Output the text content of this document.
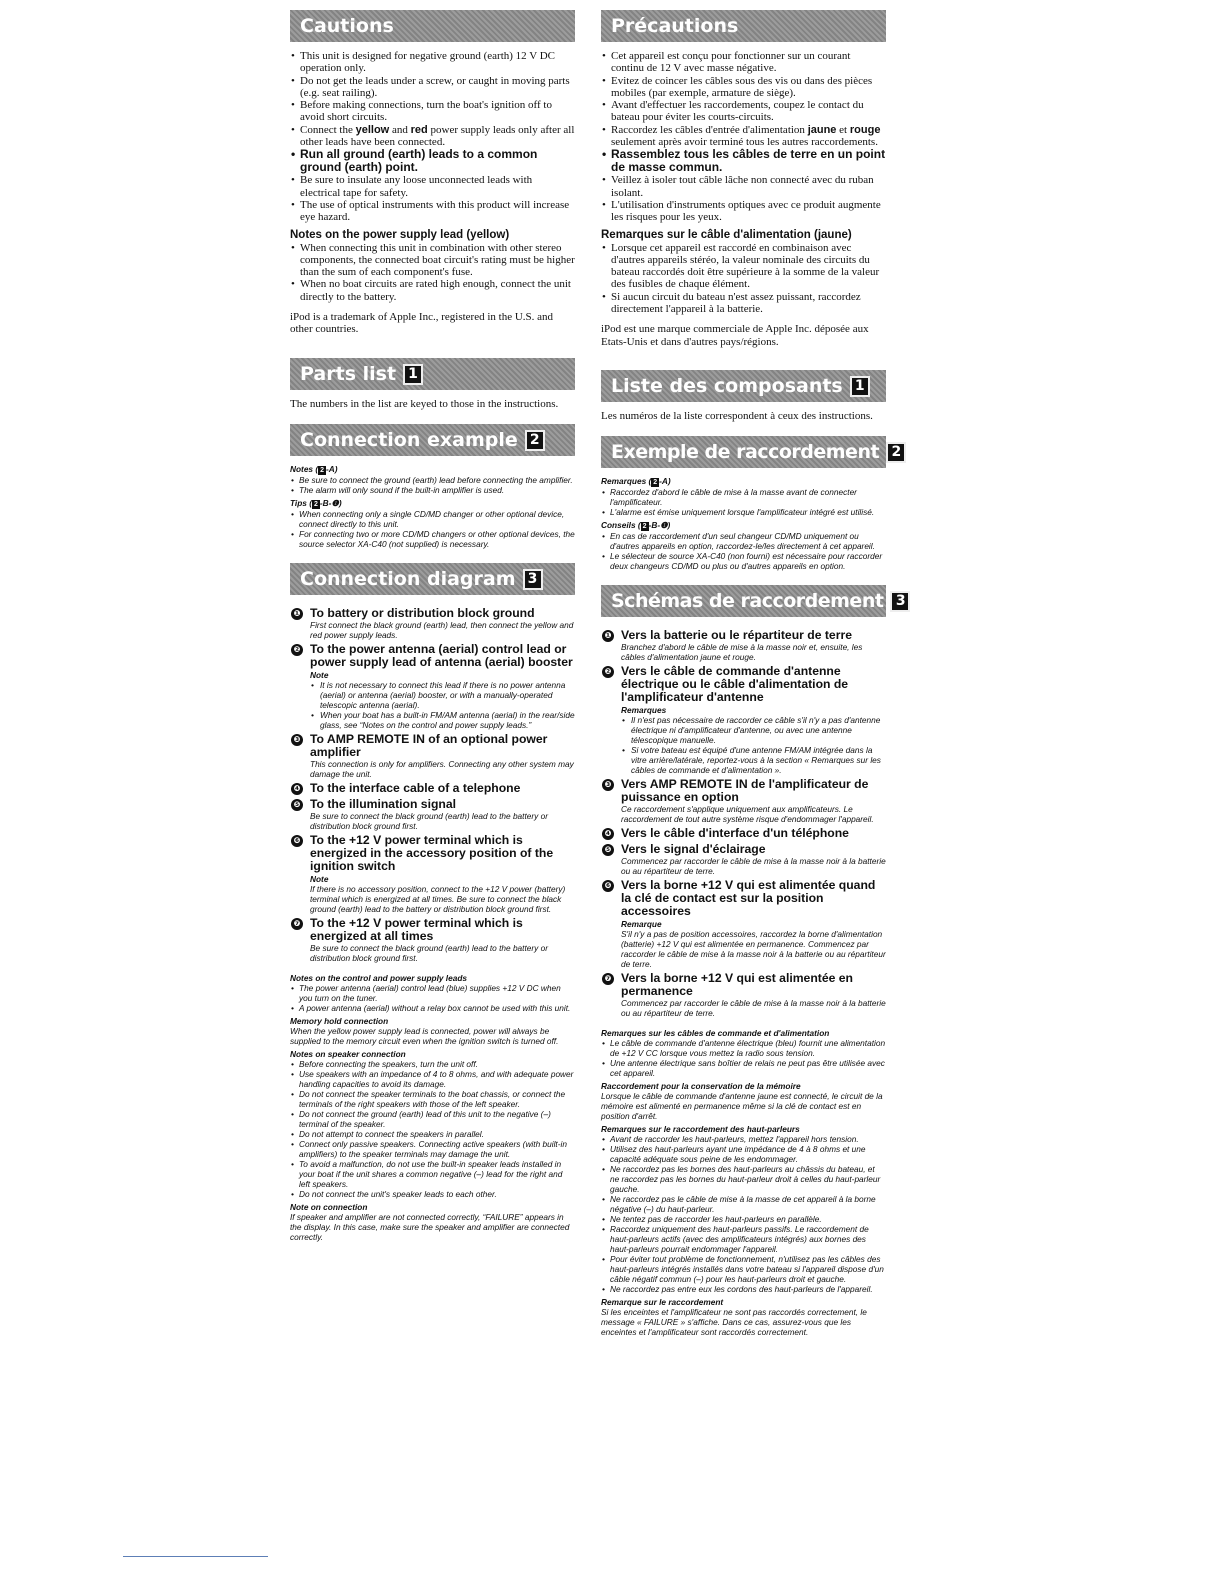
Cautions
• This unit is designed for negative ground (earth) 12 V DC operation only.
• Do not get the leads under a screw, or caught in moving parts (e.g. seat railing).
• Before making connections, turn the boat's ignition off to avoid short circuits.
• Connect the yellow and red power supply leads only after all other leads have been connected.
• Run all ground (earth) leads to a common ground (earth) point.
• Be sure to insulate any loose unconnected leads with electrical tape for safety.
• The use of optical instruments with this product will increase eye hazard.
Notes on the power supply lead (yellow)
• When connecting this unit in combination with other stereo components, the connected boat circuit's rating must be higher than the sum of each component's fuse.
• When no boat circuits are rated high enough, connect the unit directly to the battery.
iPod is a trademark of Apple Inc., registered in the U.S. and other countries.
Parts list 1
The numbers in the list are keyed to those in the instructions.
Connection example 2
Notes ( 2 -A)
• Be sure to connect the ground (earth) lead before connecting the amplifier.
• The alarm will only sound if the built-in amplifier is used.
Tips ( 2 -B-❶)
• When connecting only a single CD/MD changer or other optional device, connect directly to this unit.
• For connecting two or more CD/MD changers or other optional devices, the source selector XA-C40 (not supplied) is necessary.
Connection diagram 3
❶ To battery or distribution block ground
First connect the black ground (earth) lead, then connect the yellow and red power supply leads.
❷ To the power antenna (aerial) control lead or power supply lead of antenna (aerial) booster
Note
• It is not necessary to connect this lead if there is no power antenna (aerial) or antenna (aerial) booster, or with a manually-operated telescopic antenna (aerial).
• When your boat has a built-in FM/AM antenna (aerial) in the rear/side glass, see “Notes on the control and power supply leads.”
❸ To AMP REMOTE IN of an optional power amplifier
This connection is only for amplifiers. Connecting any other system may damage the unit.
❹ To the interface cable of a telephone
❺ To the illumination signal
Be sure to connect the black ground (earth) lead to the battery or distribution block ground first.
❻ To the +12 V power terminal which is energized in the accessory position of the ignition switch
Note
If there is no accessory position, connect to the +12 V power (battery) terminal which is energized at all times. Be sure to connect the black ground (earth) lead to the battery or distribution block ground first.
❼ To the +12 V power terminal which is energized at all times
Be sure to connect the black ground (earth) lead to the battery or distribution block ground first.
Notes on the control and power supply leads
• The power antenna (aerial) control lead (blue) supplies +12 V DC when you turn on the tuner.
• A power antenna (aerial) without a relay box cannot be used with this unit.
Memory hold connection
When the yellow power supply lead is connected, power will always be supplied to the memory circuit even when the ignition switch is turned off.
Notes on speaker connection
• Before connecting the speakers, turn the unit off.
• Use speakers with an impedance of 4 to 8 ohms, and with adequate power handling capacities to avoid its damage.
• Do not connect the speaker terminals to the boat chassis, or connect the terminals of the right speakers with those of the left speaker.
• Do not connect the ground (earth) lead of this unit to the negative (–) terminal of the speaker.
• Do not attempt to connect the speakers in parallel.
• Connect only passive speakers. Connecting active speakers (with built-in amplifiers) to the speaker terminals may damage the unit.
• To avoid a malfunction, do not use the built-in speaker leads installed in your boat if the unit shares a common negative (–) lead for the right and left speakers.
• Do not connect the unit's speaker leads to each other.
Note on connection
If speaker and amplifier are not connected correctly, “FAILURE” appears in the display. In this case, make sure the speaker and amplifier are connected correctly.
Précautions
• Cet appareil est conçu pour fonctionner sur un courant continu de 12 V avec masse négative.
• Evitez de coincer les câbles sous des vis ou dans des pièces mobiles (par exemple, armature de siège).
• Avant d'effectuer les raccordements, coupez le contact du bateau pour éviter les courts-circuits.
• Raccordez les câbles d'entrée d'alimentation jaune et rouge seulement après avoir terminé tous les autres raccordements.
• Rassemblez tous les câbles de terre en un point de masse commun.
• Veillez à isoler tout câble lâche non connecté avec du ruban isolant.
• L'utilisation d'instruments optiques avec ce produit augmente les risques pour les yeux.
Remarques sur le câble d'alimentation (jaune)
• Lorsque cet appareil est raccordé en combinaison avec d'autres appareils stéréo, la valeur nominale des circuits du bateau raccordés doit être supérieure à la somme de la valeur des fusibles de chaque élément.
• Si aucun circuit du bateau n'est assez puissant, raccordez directement l'appareil à la batterie.
iPod est une marque commerciale de Apple Inc. déposée aux Etats-Unis et dans d'autres pays/régions.
Liste des composants 1
Les numéros de la liste correspondent à ceux des instructions.
Exemple de raccordement 2
Remarques ( 2 -A)
• Raccordez d'abord le câble de mise à la masse avant de connecter l'amplificateur.
• L'alarme est émise uniquement lorsque l'amplificateur intégré est utilisé.
Conseils ( 2 -B-❶)
• En cas de raccordement d'un seul changeur CD/MD uniquement ou d'autres appareils en option, raccordez-le/les directement à cet appareil.
• Le sélecteur de source XA-C40 (non fourni) est nécessaire pour raccorder deux changeurs CD/MD ou plus ou d'autres appareils en option.
Schémas de raccordement 3
❶ Vers la batterie ou le répartiteur de terre
Branchez d'abord le câble de mise à la masse noir et, ensuite, les câbles d'alimentation jaune et rouge.
❷ Vers le câble de commande d'antenne électrique ou le câble d'alimentation de l'amplificateur d'antenne
Remarques
• Il n'est pas nécessaire de raccorder ce câble s'il n'y a pas d'antenne électrique ni d'amplificateur d'antenne, ou avec une antenne télescopique manuelle.
• Si votre bateau est équipé d'une antenne FM/AM intégrée dans la vitre arrière/latérale, reportez-vous à la section « Remarques sur les câbles de commande et d'alimentation ».
❸ Vers AMP REMOTE IN de l'amplificateur de puissance en option
Ce raccordement s'applique uniquement aux amplificateurs. Le raccordement de tout autre système risque d'endommager l'appareil.
❹ Vers le câble d'interface d'un téléphone
❺ Vers le signal d'éclairage
Commencez par raccorder le câble de mise à la masse noir à la batterie ou au répartiteur de terre.
❻ Vers la borne +12 V qui est alimentée quand la clé de contact est sur la position accessoires
Remarque
S'il n'y a pas de position accessoires, raccordez la borne d'alimentation (batterie) +12 V qui est alimentée en permanence. Commencez par raccorder le câble de mise à la masse noir à la batterie ou au répartiteur de terre.
❼ Vers la borne +12 V qui est alimentée en permanence
Commencez par raccorder le câble de mise à la masse noir à la batterie ou au répartiteur de terre.
Remarques sur les câbles de commande et d'alimentation
• Le câble de commande d'antenne électrique (bleu) fournit une alimentation de +12 V CC lorsque vous mettez la radio sous tension.
• Une antenne électrique sans boîtier de relais ne peut pas être utilisée avec cet appareil.
Raccordement pour la conservation de la mémoire
Lorsque le câble de commande d'antenne jaune est connecté, le circuit de la mémoire est alimenté en permanence même si la clé de contact est en position d'arrêt.
Remarques sur le raccordement des haut-parleurs
• Avant de raccorder les haut-parleurs, mettez l'appareil hors tension.
• Utilisez des haut-parleurs ayant une impédance de 4 à 8 ohms et une capacité adéquate sous peine de les endommager.
• Ne raccordez pas les bornes des haut-parleurs au châssis du bateau, et ne raccordez pas les bornes du haut-parleur droit à celles du haut-parleur gauche.
• Ne raccordez pas le câble de mise à la masse de cet appareil à la borne négative (–) du haut-parleur.
• Ne tentez pas de raccorder les haut-parleurs en parallèle.
• Raccordez uniquement des haut-parleurs passifs. Le raccordement de haut-parleurs actifs (avec des amplificateurs intégrés) aux bornes des haut-parleurs pourrait endommager l'appareil.
• Pour éviter tout problème de fonctionnement, n'utilisez pas les câbles des haut-parleurs intégrés installés dans votre bateau si l'appareil dispose d'un câble négatif commun (–) pour les haut-parleurs droit et gauche.
• Ne raccordez pas entre eux les cordons des haut-parleurs de l'appareil.
Remarque sur le raccordement
Si les enceintes et l'amplificateur ne sont pas raccordés correctement, le message « FAILURE » s'affiche. Dans ce cas, assurez-vous que les enceintes et l'amplificateur sont raccordés correctement.
